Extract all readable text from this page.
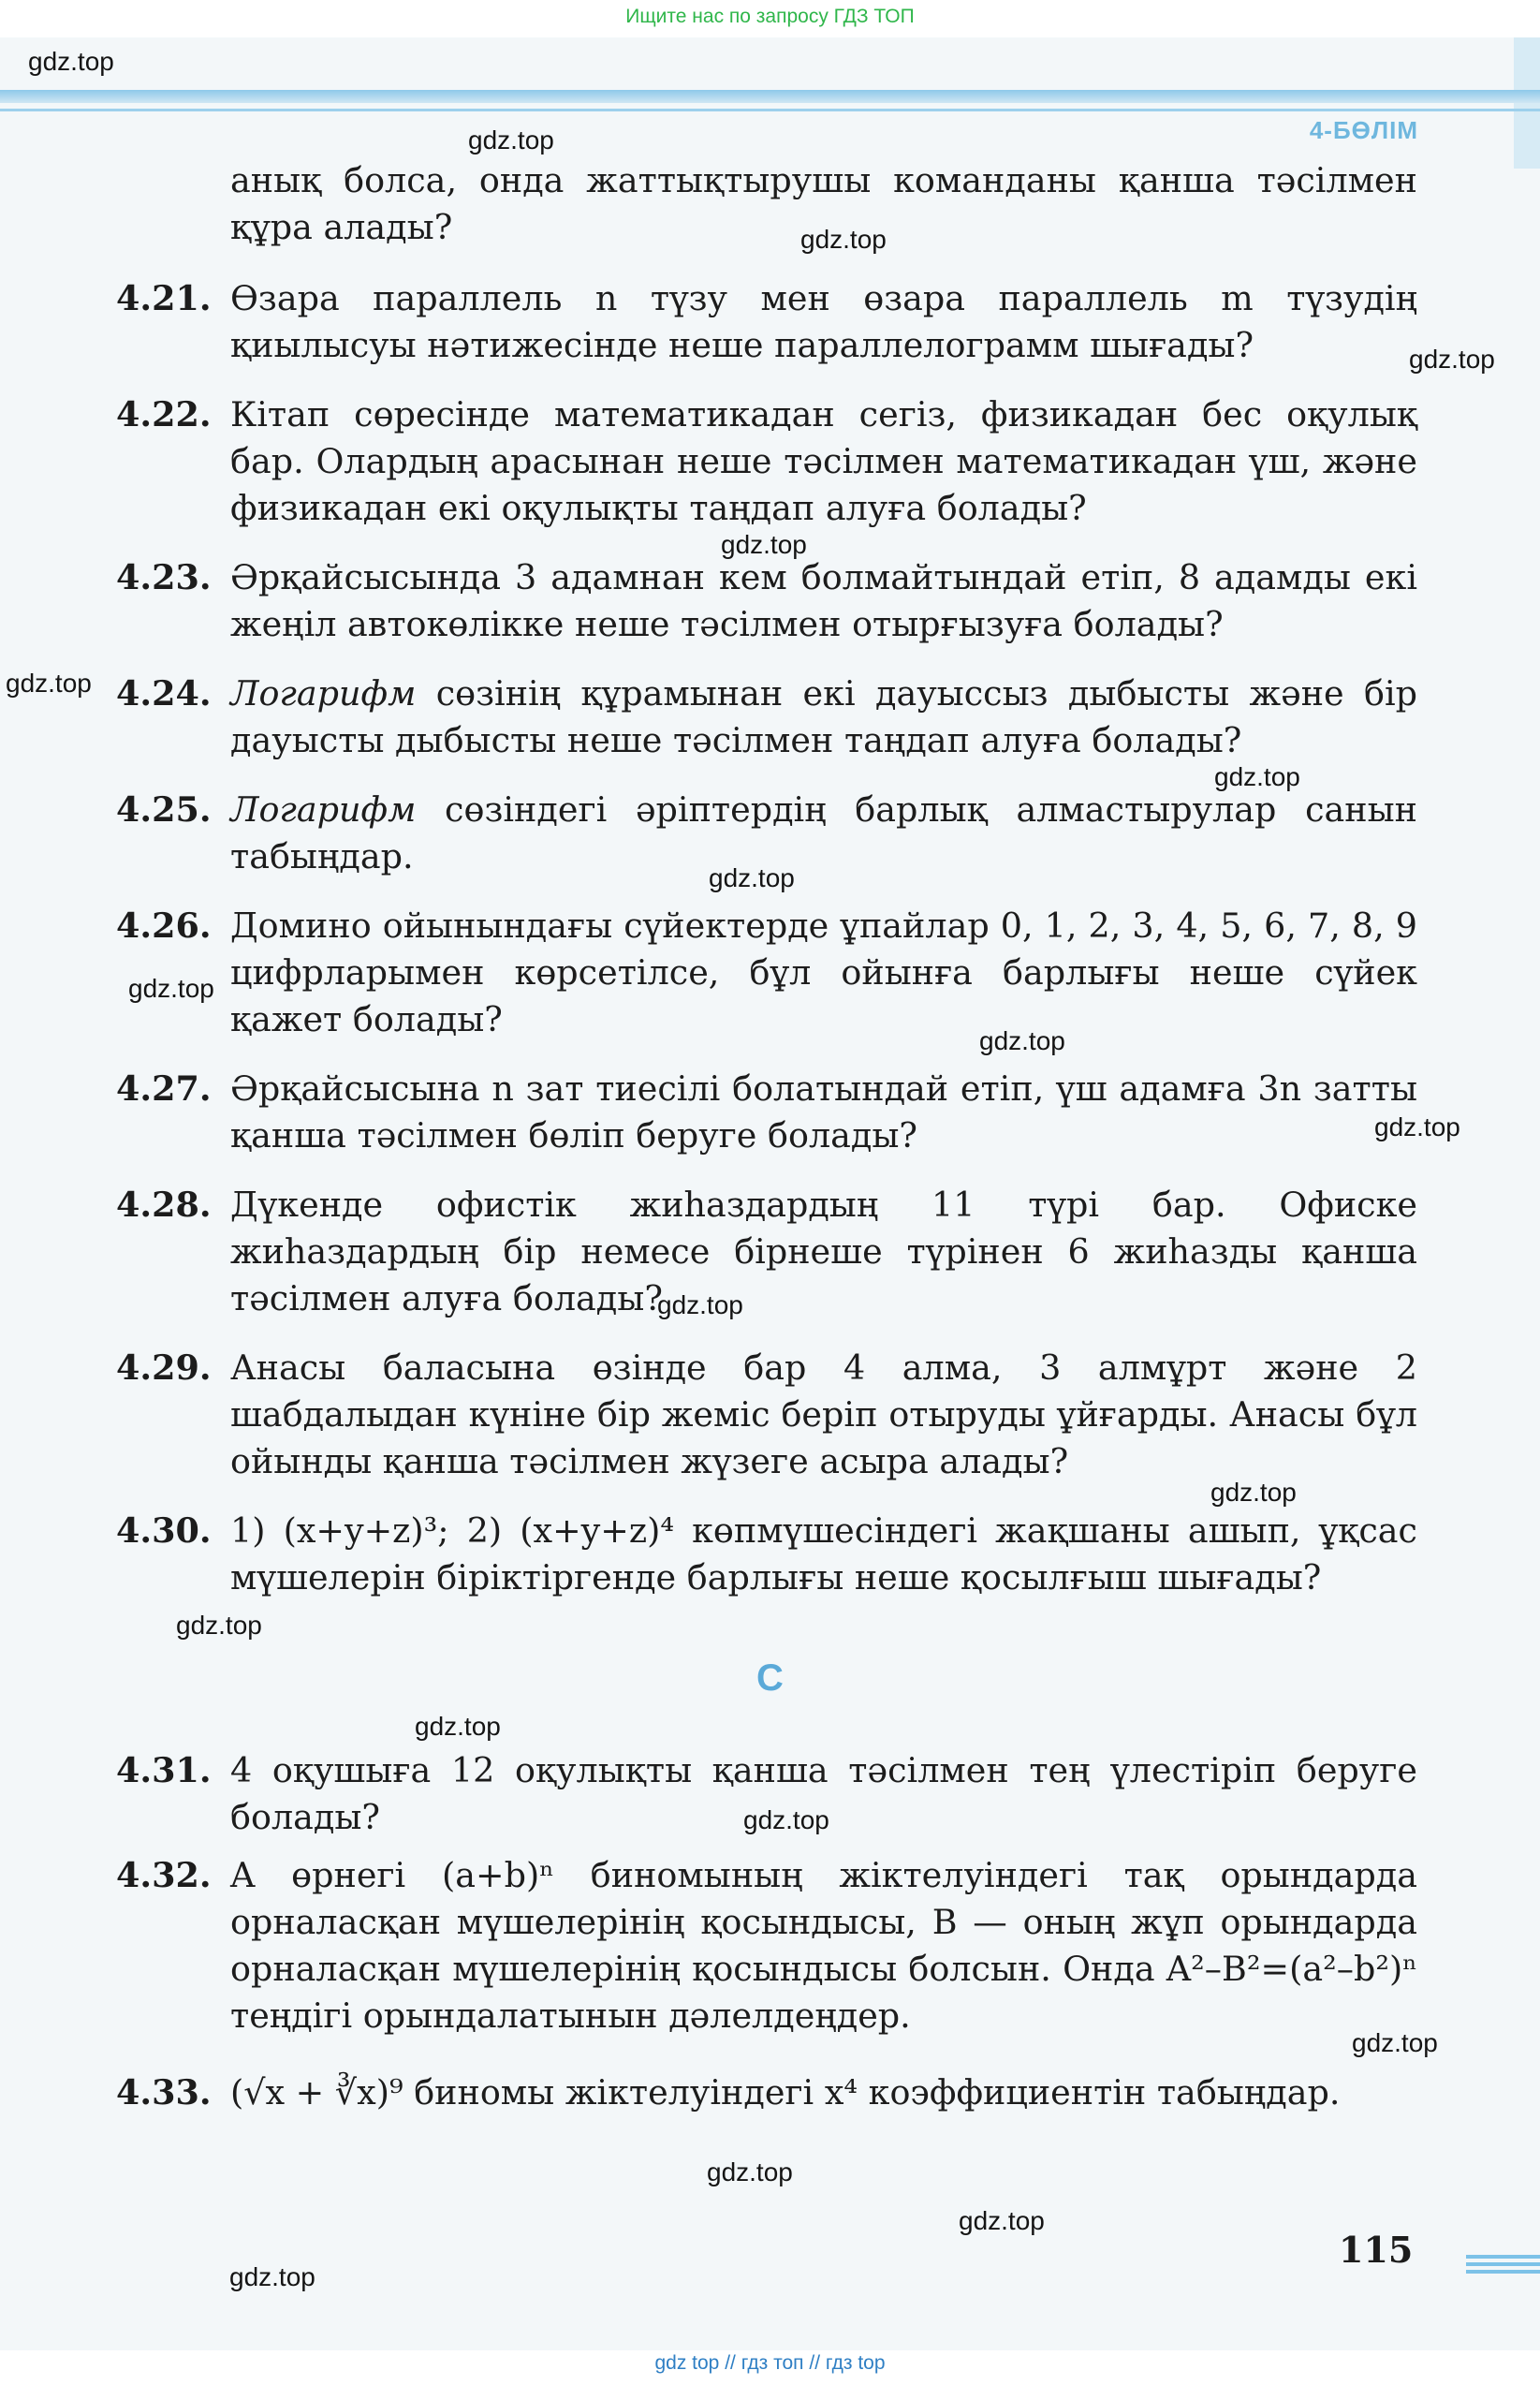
Ищите нас по запросу ГДЗ ТОП
4-БӨЛІМ
gdz.top
gdz.top
gdz.top
gdz.top
gdz.top
gdz.top
gdz.top
gdz.top
gdz.top
gdz.top
gdz.top
gdz.top
gdz.top
gdz.top
gdz.top
gdz.top
gdz.top
gdz.top
gdz.top
gdz.top
анық болса, онда жаттықтырушы команданы қанша тәсілмен құра алады?
4.21. Өзара параллель n түзу мен өзара параллель m түзудің қиылысуы нәтижесінде неше параллелограмм шығады?
4.22. Кітап сөресінде математикадан сегіз, физикадан бес оқулық бар. Олардың арасынан неше тәсілмен математикадан үш, және физикадан екі оқулықты таңдап алуға болады?
4.23. Әрқайсысында 3 адамнан кем болмайтындай етіп, 8 адамды екі жеңіл автокөлікке неше тәсілмен отырғызуға болады?
4.24. Логарифм сөзінің құрамынан екі дауыссыз дыбысты және бір дауысты дыбысты неше тәсілмен таңдап алуға болады?
4.25. Логарифм сөзіндегі әріптердің барлық алмастырулар санын табыңдар.
4.26. Домино ойынындағы сүйектерде ұпайлар 0, 1, 2, 3, 4, 5, 6, 7, 8, 9 цифрларымен көрсетілсе, бұл ойынға барлығы неше сүйек қажет болады?
4.27. Әрқайсысына n зат тиесілі болатындай етіп, үш адамға 3n затты қанша тәсілмен бөліп беруге болады?
4.28. Дүкенде офистік жиһаздардың 11 түрі бар. Офиске жиһаздардың бір немесе бірнеше түрінен 6 жиһазды қанша тәсілмен алуға болады?
4.29. Анасы баласына өзінде бар 4 алма, 3 алмұрт және 2 шабдалыдан күніне бір жеміс беріп отыруды ұйғарды. Анасы бұл ойынды қанша тәсілмен жүзеге асыра алады?
4.30. 1) (x+y+z)³; 2) (x+y+z)⁴ көпмүшесіндегі жақшаны ашып, ұқсас мүшелерін біріктіргенде барлығы неше қосылғыш шығады?
C
4.31. 4 оқушыға 12 оқулықты қанша тәсілмен тең үлестіріп беруге болады?
4.32. A өрнегі (a+b)ⁿ биномының жіктелуіндегі тақ орындарда орналасқан мүшелерінің қосындысы, B — оның жұп орындарда орналасқан мүшелерінің қосындысы болсын. Онда A²–B²=(a²–b²)ⁿ теңдігі орындалатынын дәлелдеңдер.
4.33. (√x + ∛x)⁹ биномы жіктелуіндегі x⁴ коэффициентін табыңдар.
115
gdz top // гдз топ // гдз top
